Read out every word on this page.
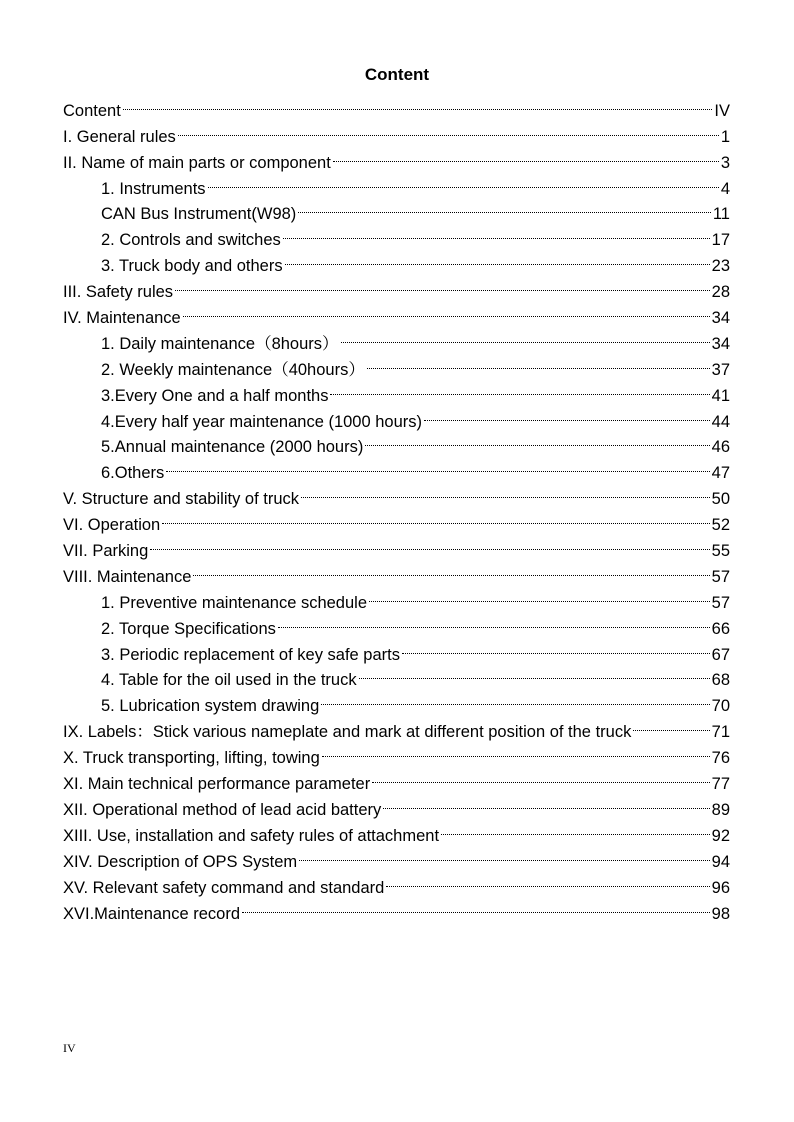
Content
Content	IV
I. General rules	1
II. Name of main parts or component	3
1. Instruments	4
CAN Bus Instrument(W98)	11
2. Controls and switches	17
3. Truck body and others	23
III. Safety rules	28
IV. Maintenance	34
1. Daily maintenance（8hours）	34
2. Weekly maintenance（40hours）	37
3.Every One and a half months	41
4.Every half year maintenance (1000 hours)	44
5.Annual maintenance (2000 hours)	46
6.Others	47
V. Structure and stability of truck	50
VI. Operation	52
VII. Parking	55
VIII. Maintenance	57
1. Preventive maintenance schedule	57
2. Torque Specifications	66
3. Periodic replacement of key safe parts	67
4. Table for the oil used in the truck	68
5. Lubrication system drawing	70
IX. Labels：Stick various nameplate and mark at different position of the truck	71
X. Truck transporting, lifting, towing	76
XI. Main technical performance parameter	77
XII. Operational method of lead acid battery	89
XIII. Use, installation and safety rules of attachment	92
XIV. Description of OPS System	94
XV. Relevant safety command and standard	96
XVI.Maintenance record	98
IV
